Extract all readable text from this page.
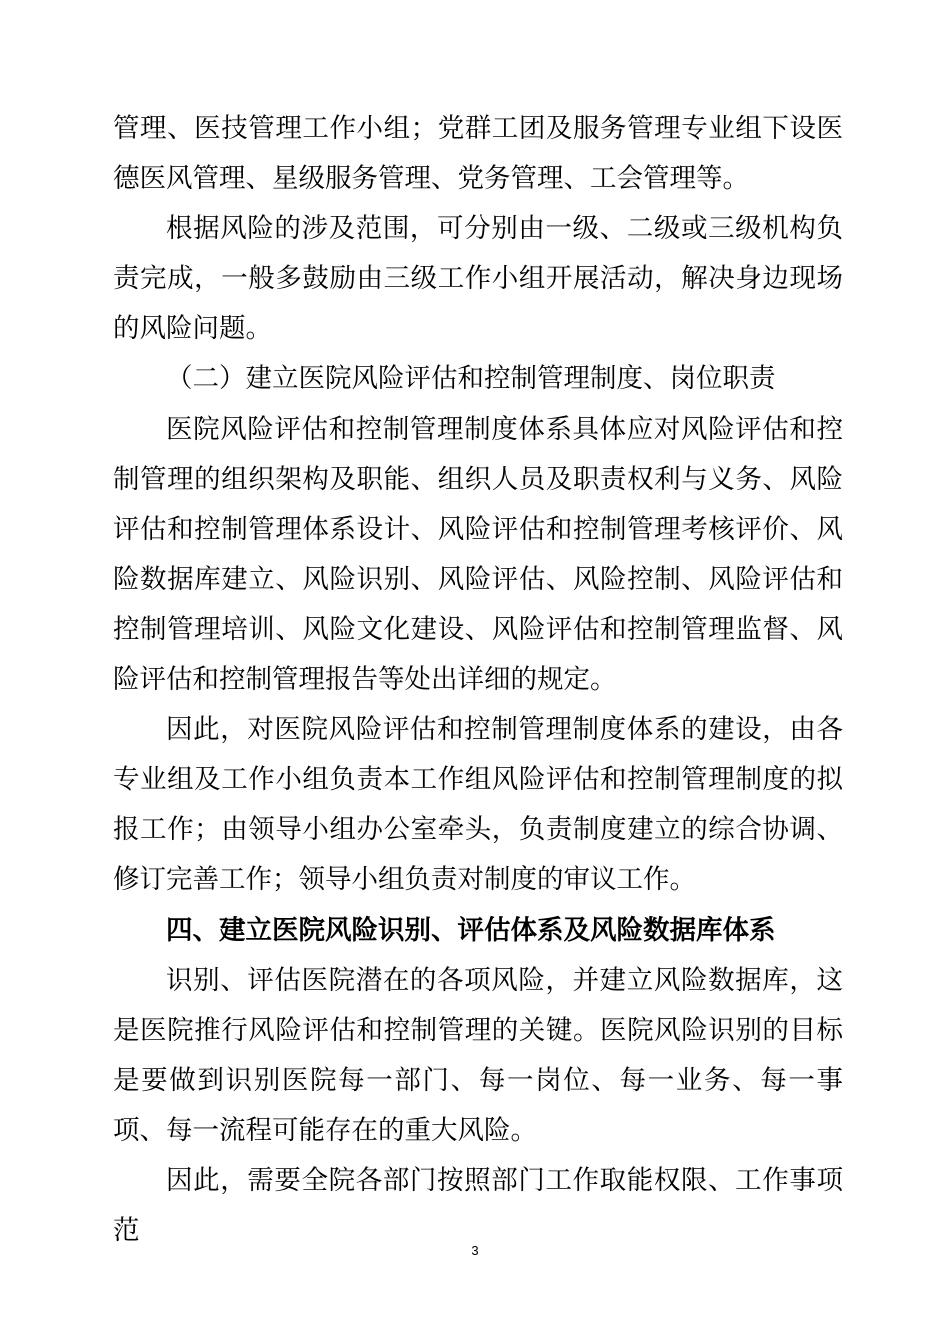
管理、医技管理工作小组；党群工团及服务管理专业组下设医德医风管理、星级服务管理、党务管理、工会管理等。

根据风险的涉及范围，可分别由一级、二级或三级机构负责完成，一般多鼓励由三级工作小组开展活动，解决身边现场的风险问题。

（二）建立医院风险评估和控制管理制度、岗位职责

医院风险评估和控制管理制度体系具体应对风险评估和控制管理的组织架构及职能、组织人员及职责权利与义务、风险评估和控制管理体系设计、风险评估和控制管理考核评价、风险数据库建立、风险识别、风险评估、风险控制、风险评估和控制管理培训、风险文化建设、风险评估和控制管理监督、风险评估和控制管理报告等处出详细的规定。

因此，对医院风险评估和控制管理制度体系的建设，由各专业组及工作小组负责本工作组风险评估和控制管理制度的拟报工作；由领导小组办公室牵头，负责制度建立的综合协调、修订完善工作；领导小组负责对制度的审议工作。

四、建立医院风险识别、评估体系及风险数据库体系

识别、评估医院潜在的各项风险，并建立风险数据库，这是医院推行风险评估和控制管理的关键。医院风险识别的目标是要做到识别医院每一部门、每一岗位、每一业务、每一事项、每一流程可能存在的重大风险。

因此，需要全院各部门按照部门工作取能权限、工作事项范

3
